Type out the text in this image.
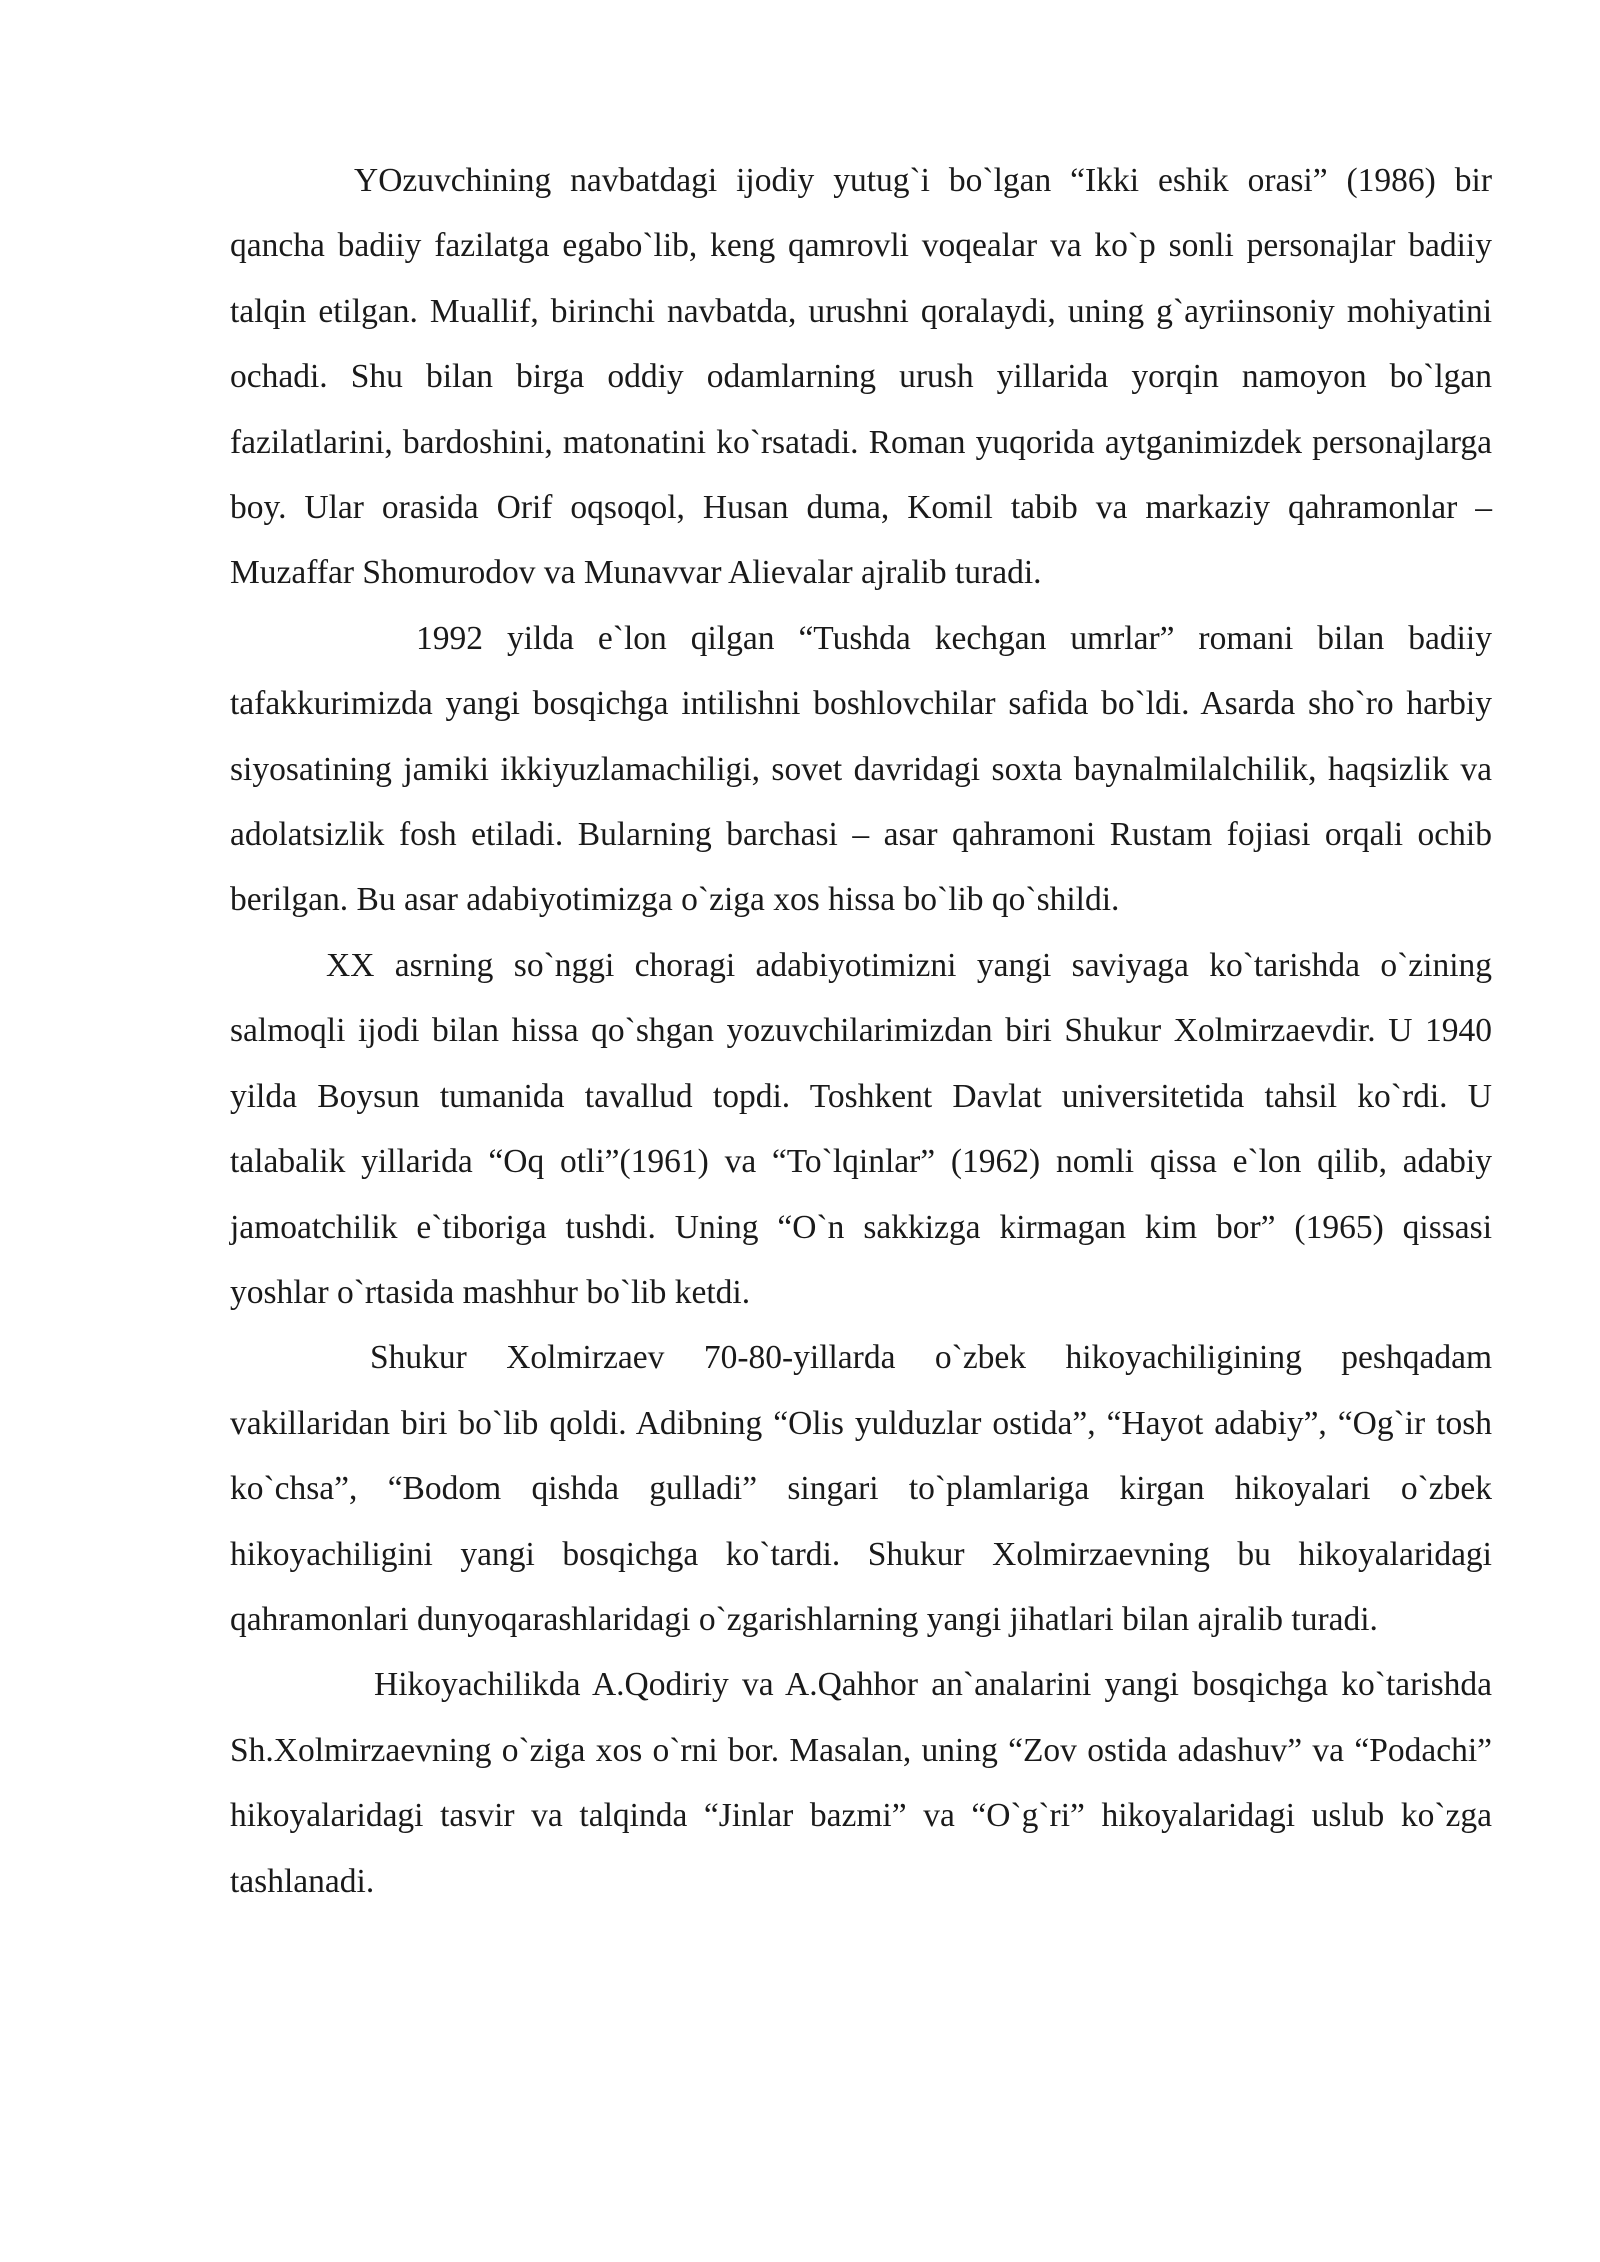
YOzuvchining navbatdagi ijodiy yutug`i bo`lgan “Ikki eshik orasi” (1986) bir qancha badiiy fazilatga egabo`lib, keng qamrovli voqealar va ko`p sonli personajlar badiiy talqin etilgan. Muallif, birinchi navbatda, urushni qoralaydi, uning g`ayriinsoniy mohiyatini ochadi. Shu bilan birga oddiy odamlarning urush yillarida yorqin namoyon bo`lgan fazilatlarini, bardoshini, matonatini ko`rsatadi. Roman yuqorida aytganimizdek personajlarga boy. Ular orasida Orif oqsoqol, Husan duma, Komil tabib va markaziy qahramonlar – Muzaffar Shomurodov va Munavvar Alievalar ajralib turadi.

1992 yilda e`lon qilgan “Tushda kechgan umrlar” romani bilan badiiy tafakkurimizda yangi bosqichga intilishni boshlovchilar safida bo`ldi. Asarda sho`ro harbiy siyosatining jamiki ikkiyuzlamachiligi, sovet davridagi soxta baynalmilalchilik, haqsizlik va adolatsizlik fosh etiladi. Bularning barchasi – asar qahramoni Rustam fojiasi orqali ochib berilgan. Bu asar adabiyotimizga o`ziga xos hissa bo`lib qo`shildi.

XX asrning so`nggi choragi adabiyotimizni yangi saviyaga ko`tarishda o`zining salmoqli ijodi bilan hissa qo`shgan yozuvchilarimizdan biri Shukur Xolmirzaevdir. U 1940 yilda Boysun tumanida tavallud topdi. Toshkent Davlat universitetida tahsil ko`rdi. U talabalik yillarida “Oq otli”(1961) va “To`lqinlar” (1962) nomli qissa e`lon qilib, adabiy jamoatchilik e`tiboriga tushdi. Uning “O`n sakkizga kirmagan kim bor” (1965) qissasi yoshlar o`rtasida mashhur bo`lib ketdi.

Shukur Xolmirzaev 70-80-yillarda o`zbek hikoyachiligining peshqadam vakillaridan biri bo`lib qoldi. Adibning “Olis yulduzlar ostida”, “Hayot adabiy”, “Og`ir tosh ko`chsa”, “Bodom qishda gulladi” singari to`plamlariga kirgan hikoyalari o`zbek hikoyachiligini yangi bosqichga ko`tardi. Shukur Xolmirzaevning bu hikoyalaridagi qahramonlari dunyoqarashlaridagi o`zgarishlarning yangi jihatlari bilan ajralib turadi.

Hikoyachilikda A.Qodiriy va A.Qahhor an`analarini yangi bosqichga ko`tarishda Sh.Xolmirzaevning o`ziga xos o`rni bor. Masalan, uning “Zov ostida adashuv” va “Podachi” hikoyalaridagi tasvir va talqinda “Jinlar bazmi” va “O`g`ri” hikoyalaridagi uslub ko`zga tashlanadi.
